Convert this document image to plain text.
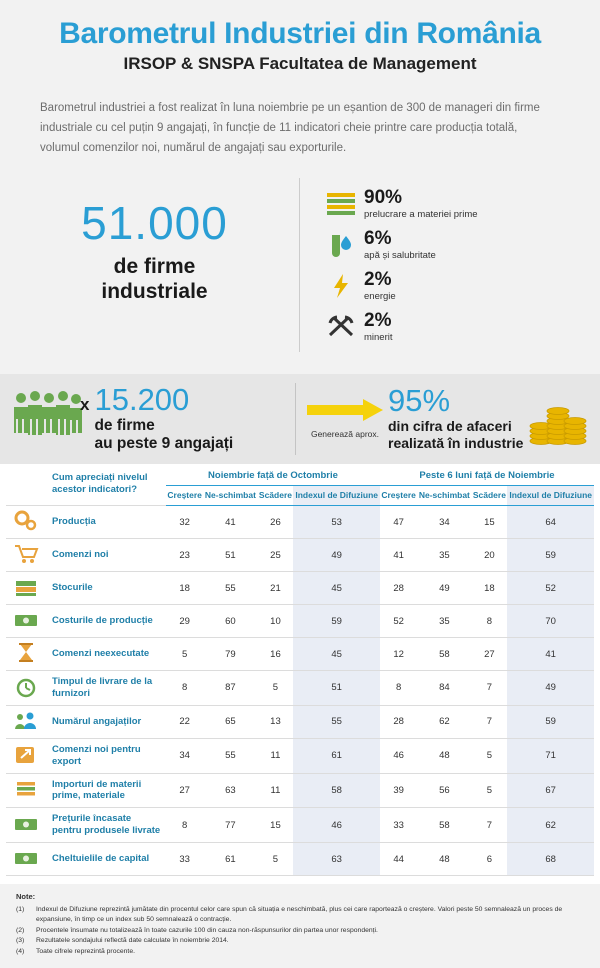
Barometrul Industriei din România
IRSOP & SNSPA Facultatea de Management
Barometrul industriei a fost realizat în luna noiembrie pe un eșantion de 300 de manageri din firme industriale cu cel puțin 9 angajați, în funcție de 11 indicatori cheie printre care producția totală, volumul comenzilor noi, numărul de angajați sau exporturile.
51.000
de firme
industriale
90%
prelucrare a materiei prime
6%
apă și salubritate
2%
energie
2%
minerit
x 15.200
de firme
au peste 9 angajați
Generează aprox.
95%
din cifra de afaceri
realizată în industrie
	Cum apreciați nivelul acestor indicatori?	Noiembrie față de Octombrie				Peste 6 luni față de Noiembrie			
		Creștere	Ne-schimbat	Scădere	Indexul de Difuziune	Creștere	Ne-schimbat	Scădere	Indexul de Difuziune
	Producția	32	41	26	53	47	34	15	64
	Comenzi noi	23	51	25	49	41	35	20	59
	Stocurile	18	55	21	45	28	49	18	52
	Costurile de producție	29	60	10	59	52	35	8	70
	Comenzi neexecutate	5	79	16	45	12	58	27	41
	Timpul de livrare de la furnizori	8	87	5	51	8	84	7	49
	Numărul angajaților	22	65	13	55	28	62	7	59
	Comenzi noi pentru export	34	55	11	61	46	48	5	71
	Importuri de materii prime, materiale	27	63	11	58	39	56	5	67
	Prețurile încasate pentru produsele livrate	8	77	15	46	33	58	7	62
	Cheltuielile de capital	33	61	5	63	44	48	6	68
Note:
(1)	Indexul de Difuziune reprezintă jumătate din procentul celor care spun că situația e neschimbată, plus cei care raportează o creștere. Valori peste 50 semnalează un proces de expansiune, în timp ce un index sub 50 semnalează o contracție.
(2)	Procentele însumate nu totalizează în toate cazurile 100 din cauza non-răspunsurilor din partea unor respondenți.
(3)	Rezultatele sondajului reflectă date calculate în noiembrie 2014.
(4)	Toate cifrele reprezintă procente.
